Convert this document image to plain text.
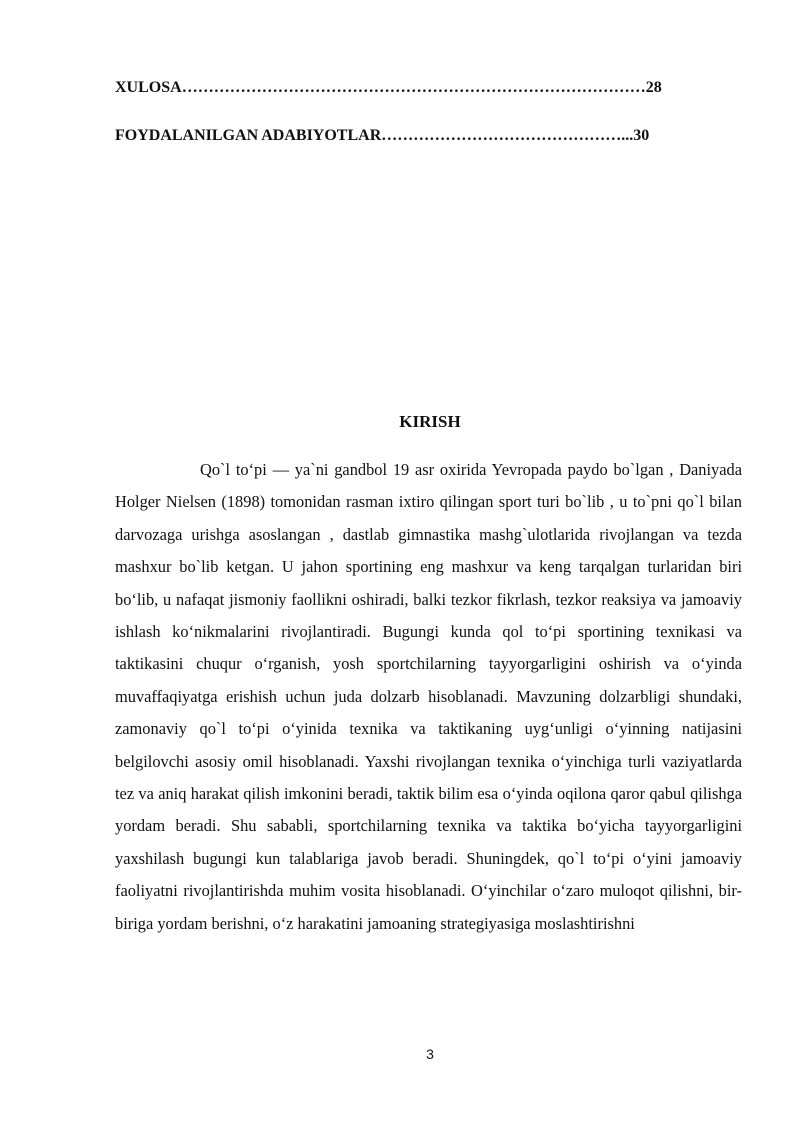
XULOSA……………………………………………………………………………28
FOYDALANILGAN ADABIYOTLAR………………………………………...30
KIRISH

Qo`l to‘pi — ya`ni gandbol 19 asr oxirida Yevropada paydo bo`lgan , Daniyada Holger Nielsen (1898) tomonidan rasman ixtiro qilingan sport turi bo`lib , u to`pni qo`l bilan darvozaga urishga asoslangan , dastlab gimnastika mashg`ulotlarida rivojlangan va tezda mashxur bo`lib ketgan. U jahon sportining eng mashxur va keng tarqalgan turlaridan biri bo‘lib, u nafaqat jismoniy faollikni oshiradi, balki tezkor fikrlash, tezkor reaksiya va jamoaviy ishlash ko‘nikmalarini rivojlantiradi. Bugungi kunda qol to‘pi sportining texnikasi va taktikasini chuqur o‘rganish, yosh sportchilarning tayyorgarligini oshirish va o‘yinda muvaffaqiyatga erishish uchun juda dolzarb hisoblanadi. Mavzuning dolzarbligi shundaki, zamonaviy qo`l to‘pi o‘yinida texnika va taktikaning uyg‘unligi o‘yinning natijasini belgilovchi asosiy omil hisoblanadi. Yaxshi rivojlangan texnika o‘yinchiga turli vaziyatlarda tez va aniq harakat qilish imkonini beradi, taktik bilim esa o‘yinda oqilona qaror qabul qilishga yordam beradi. Shu sababli, sportchilarning texnika va taktika bo‘yicha tayyorgarligini yaxshilash bugungi kun talablariga javob beradi. Shuningdek, qo`l to‘pi o‘yini jamoaviy faoliyatni rivojlantirishda muhim vosita hisoblanadi. O‘yinchilar o‘zaro muloqot qilishni, bir-biriga yordam berishni, o‘z harakatini jamoaning strategiyasiga moslashtirishni

3
